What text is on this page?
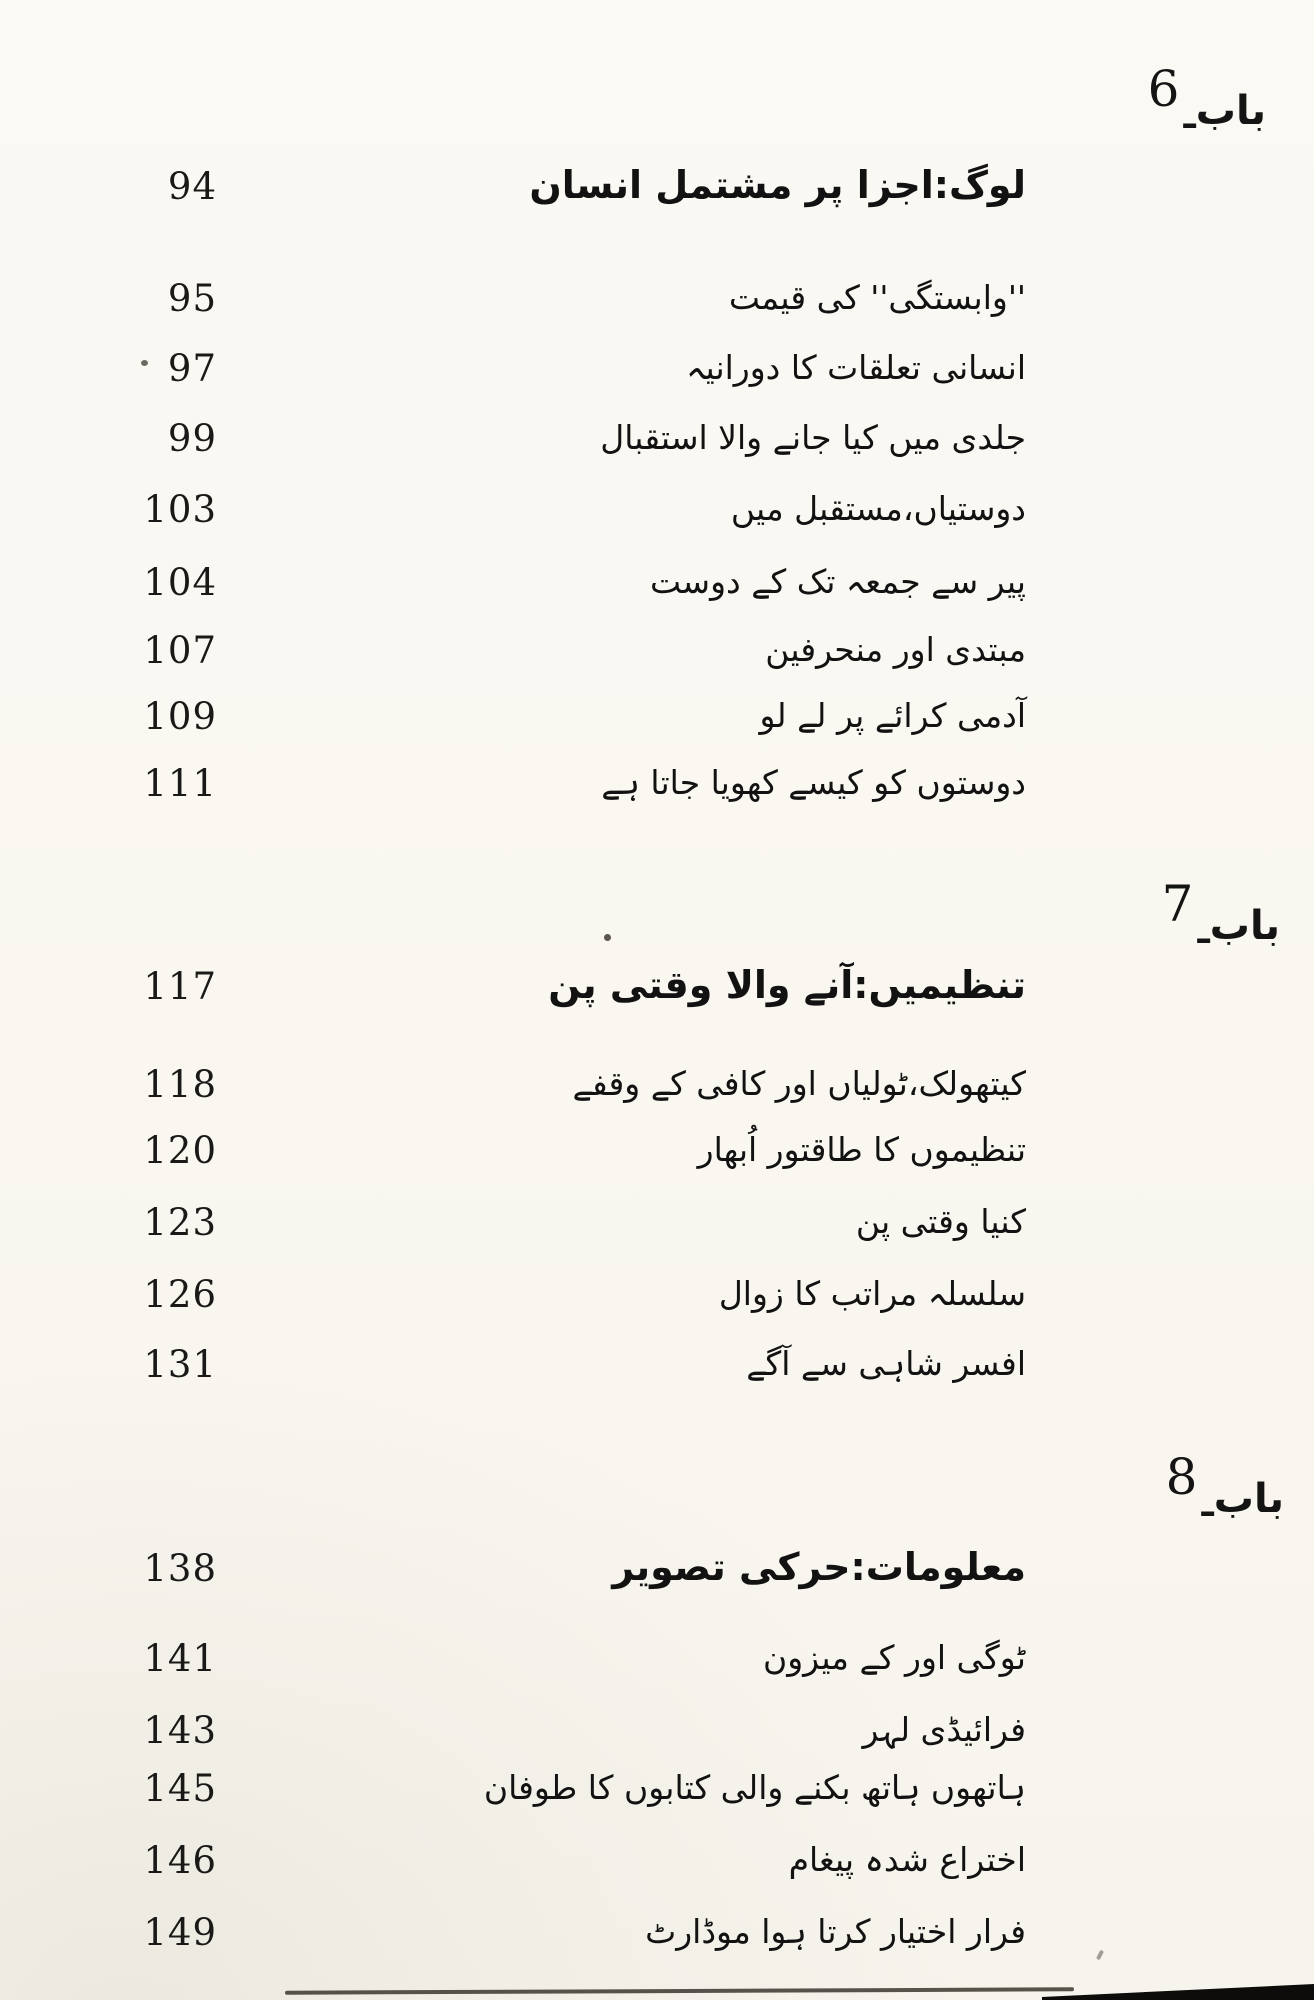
بابـ6
94	لوگ:اجزا پر مشتمل انسان
95	''وابستگی'' کی قیمت
97	انسانی تعلقات کا دورانیہ
99	جلدی میں کیا جانے والا استقبال
103	دوستیاں،مستقبل میں
104	پیر سے جمعہ تک کے دوست
107	مبتدی اور منحرفین
109	آدمی کرائے پر لے لو
111	دوستوں کو کیسے کھویا جاتا ہے
بابـ7
117	تنظیمیں:آنے والا وقتی پن
118	کیتھولک،ٹولیاں اور کافی کے وقفے
120	تنظیموں کا طاقتور اُبھار
123	کنیا وقتی پن
126	سلسلہ مراتب کا زوال
131	افسر شاہی سے آگے
بابـ8
138	معلومات:حرکی تصویر
141	ٹوگی اور کے میزون
143	فرائیڈی لہر
145	ہاتھوں ہاتھ بکنے والی کتابوں کا طوفان
146	اختراع شدہ پیغام
149	فرار اختیار کرتا ہوا موڈارٹ
